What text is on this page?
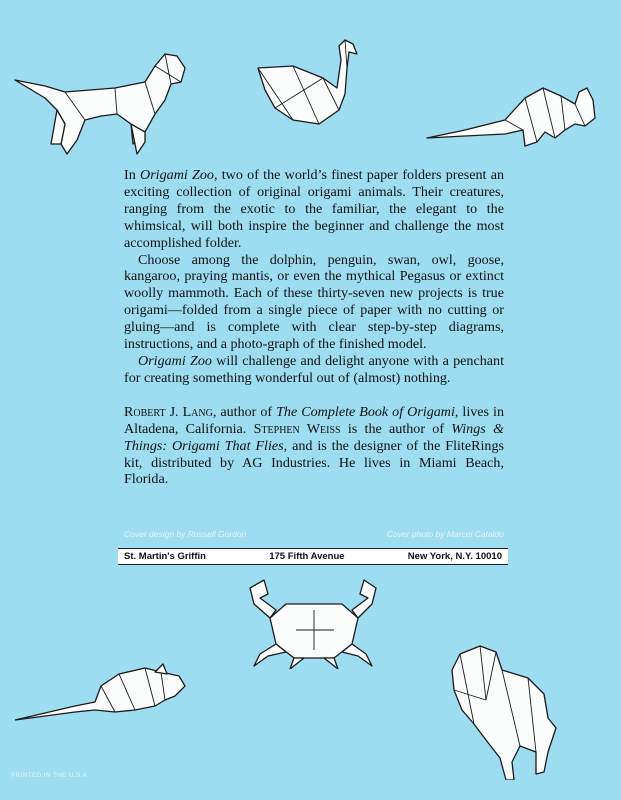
In Origami Zoo, two of the world’s finest paper folders present an exciting collection of original origami animals. Their creatures, ranging from the exotic to the familiar, the elegant to the whimsical, will both inspire the beginner and challenge the most accomplished folder.

Choose among the dolphin, penguin, swan, owl, goose, kangaroo, praying mantis, or even the mythical Pegasus or extinct woolly mammoth. Each of these thirty-seven new projects is true origami—folded from a single piece of paper with no cutting or gluing—and is complete with clear step-by-step diagrams, instructions, and a photo-graph of the finished model.

Origami Zoo will challenge and delight anyone with a penchant for creating something wonderful out of (almost) nothing.

Robert J. Lang, author of The Complete Book of Origami, lives in Altadena, California. Stephen Weiss is the author of Wings & Things: Origami That Flies, and is the designer of the FliteRings kit, distributed by AG Industries. He lives in Miami Beach, Florida.

Cover design by Russell Gordon	Cover photo by Marcel Cataldo
St. Martin's Griffin	175 Fifth Avenue	New York, N.Y. 10010
PRINTED IN THE U.S.A.
